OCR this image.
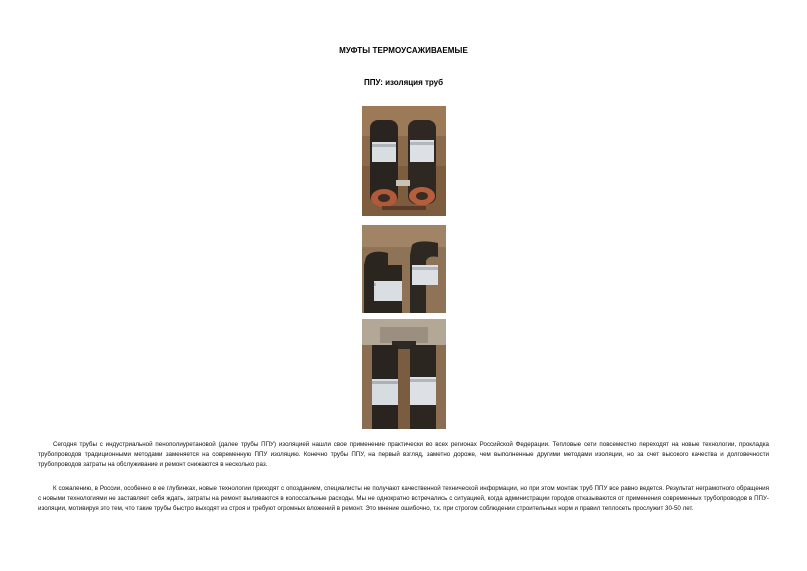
МУФТЫ ТЕРМОУСАЖИВАЕМЫЕ
ППУ: изоляция труб
Сегодня трубы с индустриальной пенополиуретановой (далее трубы ППУ) изоляцией нашли свое применение практически во всех регионах Российской Федерации. Тепловые сети повсеместно переходят на новые технологии, прокладка трубопроводов традиционными методами заменяется на современную ППУ изоляцию. Конечно трубы ППУ, на первый взгляд, заметно дороже, чем выполненные другими методами изоляции, но за счет высокого качества и долговечности трубопроводов затраты на обслуживание и ремонт снижаются в несколько раз.
К сожалению, в России, особенно в ее глубинках, новые технологии приходят с опозданием, специалисты не получают качественной технической информации, но при этом монтаж труб ППУ все равно ведется. Результат неграмотного обращения с новыми технологиями не заставляет себя ждать, затраты на ремонт выливаются в колоссальные расходы. Мы не однократно встречались с ситуацией, когда администрации городов отказываются от применения современных трубопроводов в ППУ-изоляции, мотивируя это тем, что такие трубы быстро выходят из строя и требуют огромных вложений в ремонт. Это мнение ошибочно, т.к. при строгом соблюдении строительных норм и правил теплосеть прослужит 30-50 лет.
